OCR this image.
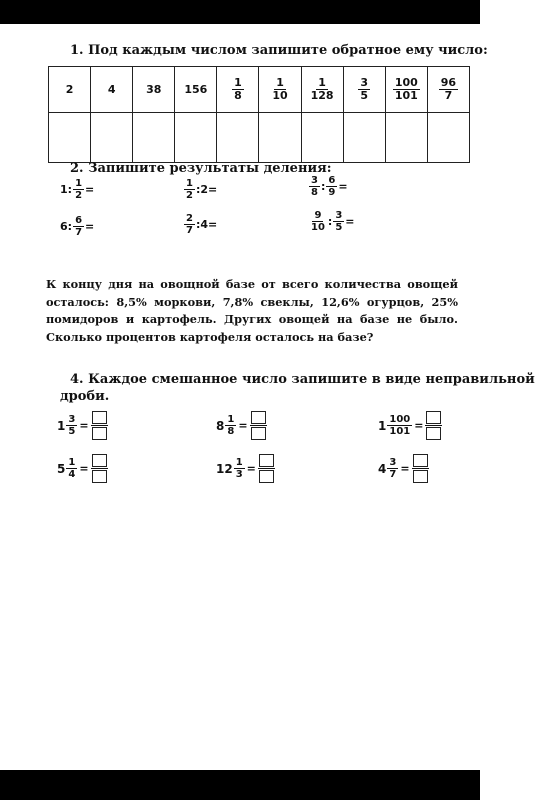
1. Под каждым числом запишите обратное ему число:
2	4	38	156	$\frac{1}{8}$	$\frac{1}{10}$	$\frac{1}{128}$	$\frac{3}{5}$	$\frac{100}{101}$	$\frac{96}{7}$

2. Запишите результаты деления:
1 : $\frac{1}{2}$ =	$\frac{1}{2}$ : 2 =	$\frac{3}{8}$ : $\frac{6}{9}$ =
6 : $\frac{6}{7}$ =	$\frac{2}{7}$ : 4 =	$\frac{9}{10}$ : $\frac{3}{5}$ =
К концу дня на овощной базе от всего количества овощей осталось: 8,5% моркови, 7,8% свеклы, 12,6% огурцов, 25% помидоров и картофель. Других овощей на базе не было. Сколько процентов картофеля осталось на базе?
4. Каждое смешанное число запишите в виде неправильной
дроби.
$1 \frac{3}{5}$ =	$8 \frac{1}{8}$ =	$1 \frac{100}{101}$ =
$5 \frac{1}{4}$ =	$12 \frac{1}{3}$ =	$4 \frac{3}{7}$ =
